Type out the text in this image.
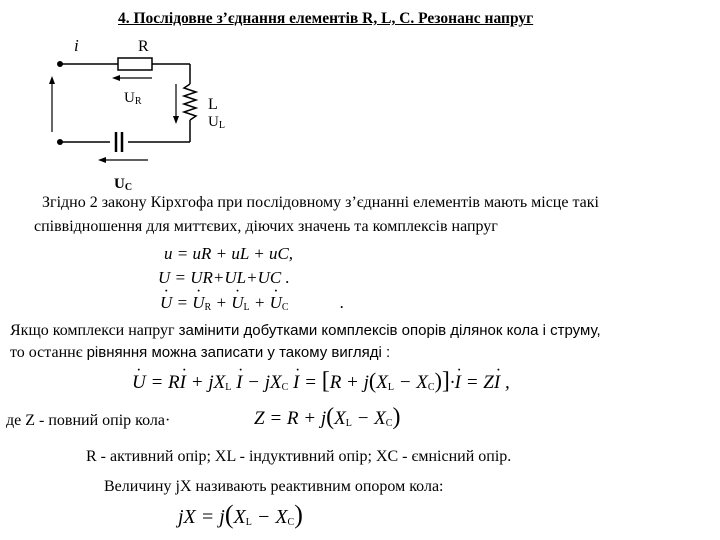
4. Послідовне з’єднання елементів R, L, C. Резонанс напруг
i	R
$U_R$	L
$U_L$
$U_C$
Згідно 2 закону Кірхгофа при послідовному з’єднанні елементів мають місце такі
співвідношення для миттєвих, діючих значень та комплексів напруг
u = uR + uL + uC,
U = UR+UL+UC .
· U = · $U_R$ + · $U_L$ + · $U_C$	.
Якщо комплекси напруг замінити добутками комплексів опорів ділянок кола і струму,
то останнє рівняння можна записати у такому вигляді :
· $U = R\cdot I + jX_L \cdot I - jX_C \cdot I = [R + j(X_L - X_C)]\cdot\cdot I = Z\cdot I$ ,
де Z - повний опір кола·	$Z = R + j(X_L - X_C)$
R - активний опір; XL - індуктивний опір; XC - ємнісний опір.
Величину jX називають реактивним опором кола:
jX = $j(X_L - X_C)$
